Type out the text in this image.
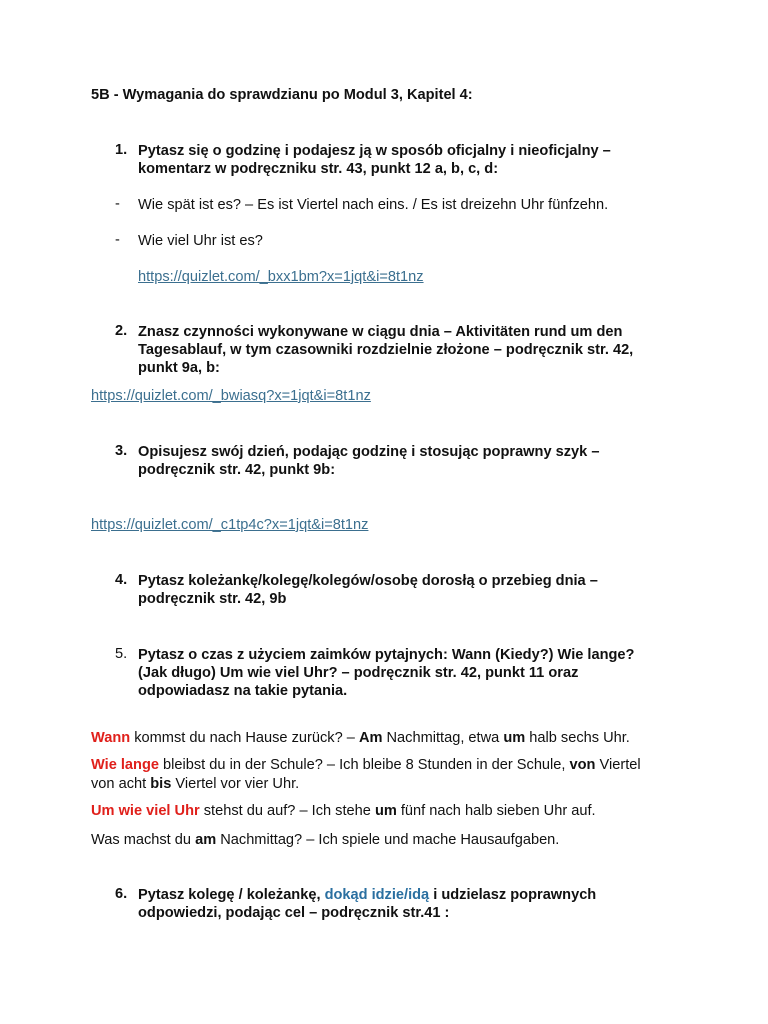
5B - Wymagania do sprawdzianu po Modul 3, Kapitel 4:
1. Pytasz się o godzinę i podajesz ją w sposób oficjalny i nieoficjalny –
komentarz w podręczniku str. 43, punkt 12 a, b, c, d:
- Wie spät ist es? – Es ist Viertel nach eins. / Es ist dreizehn Uhr fünfzehn.
- Wie viel Uhr ist es?
https://quizlet.com/_bxx1bm?x=1jqt&i=8t1nz
2. Znasz czynności wykonywane w ciągu dnia – Aktivitäten rund um den
Tagesablauf, w tym czasowniki rozdzielnie złożone – podręcznik str. 42,
punkt 9a, b:
https://quizlet.com/_bwiasq?x=1jqt&i=8t1nz
3. Opisujesz swój dzień, podając godzinę i stosując poprawny szyk –
podręcznik str. 42, punkt 9b:
https://quizlet.com/_c1tp4c?x=1jqt&i=8t1nz
4. Pytasz koleżankę/kolegę/kolegów/osobę dorosłą o przebieg dnia –
podręcznik str. 42, 9b
5. Pytasz o czas z użyciem zaimków pytajnych: Wann (Kiedy?) Wie lange?
(Jak długo) Um wie viel Uhr? – podręcznik str. 42, punkt 11 oraz
odpowiadasz na takie pytania.
Wann kommst du nach Hause zurück? – Am Nachmittag, etwa um halb sechs Uhr.
Wie lange bleibst du in der Schule? – Ich bleibe 8 Stunden in der Schule, von Viertel
von acht bis Viertel vor vier Uhr.
Um wie viel Uhr stehst du auf? – Ich stehe um fünf nach halb sieben Uhr auf.
Was machst du am Nachmittag? – Ich spiele und mache Hausaufgaben.
6. Pytasz kolegę / koleżankę, dokąd idzie/idą i udzielasz poprawnych
odpowiedzi, podając cel – podręcznik str.41 :
